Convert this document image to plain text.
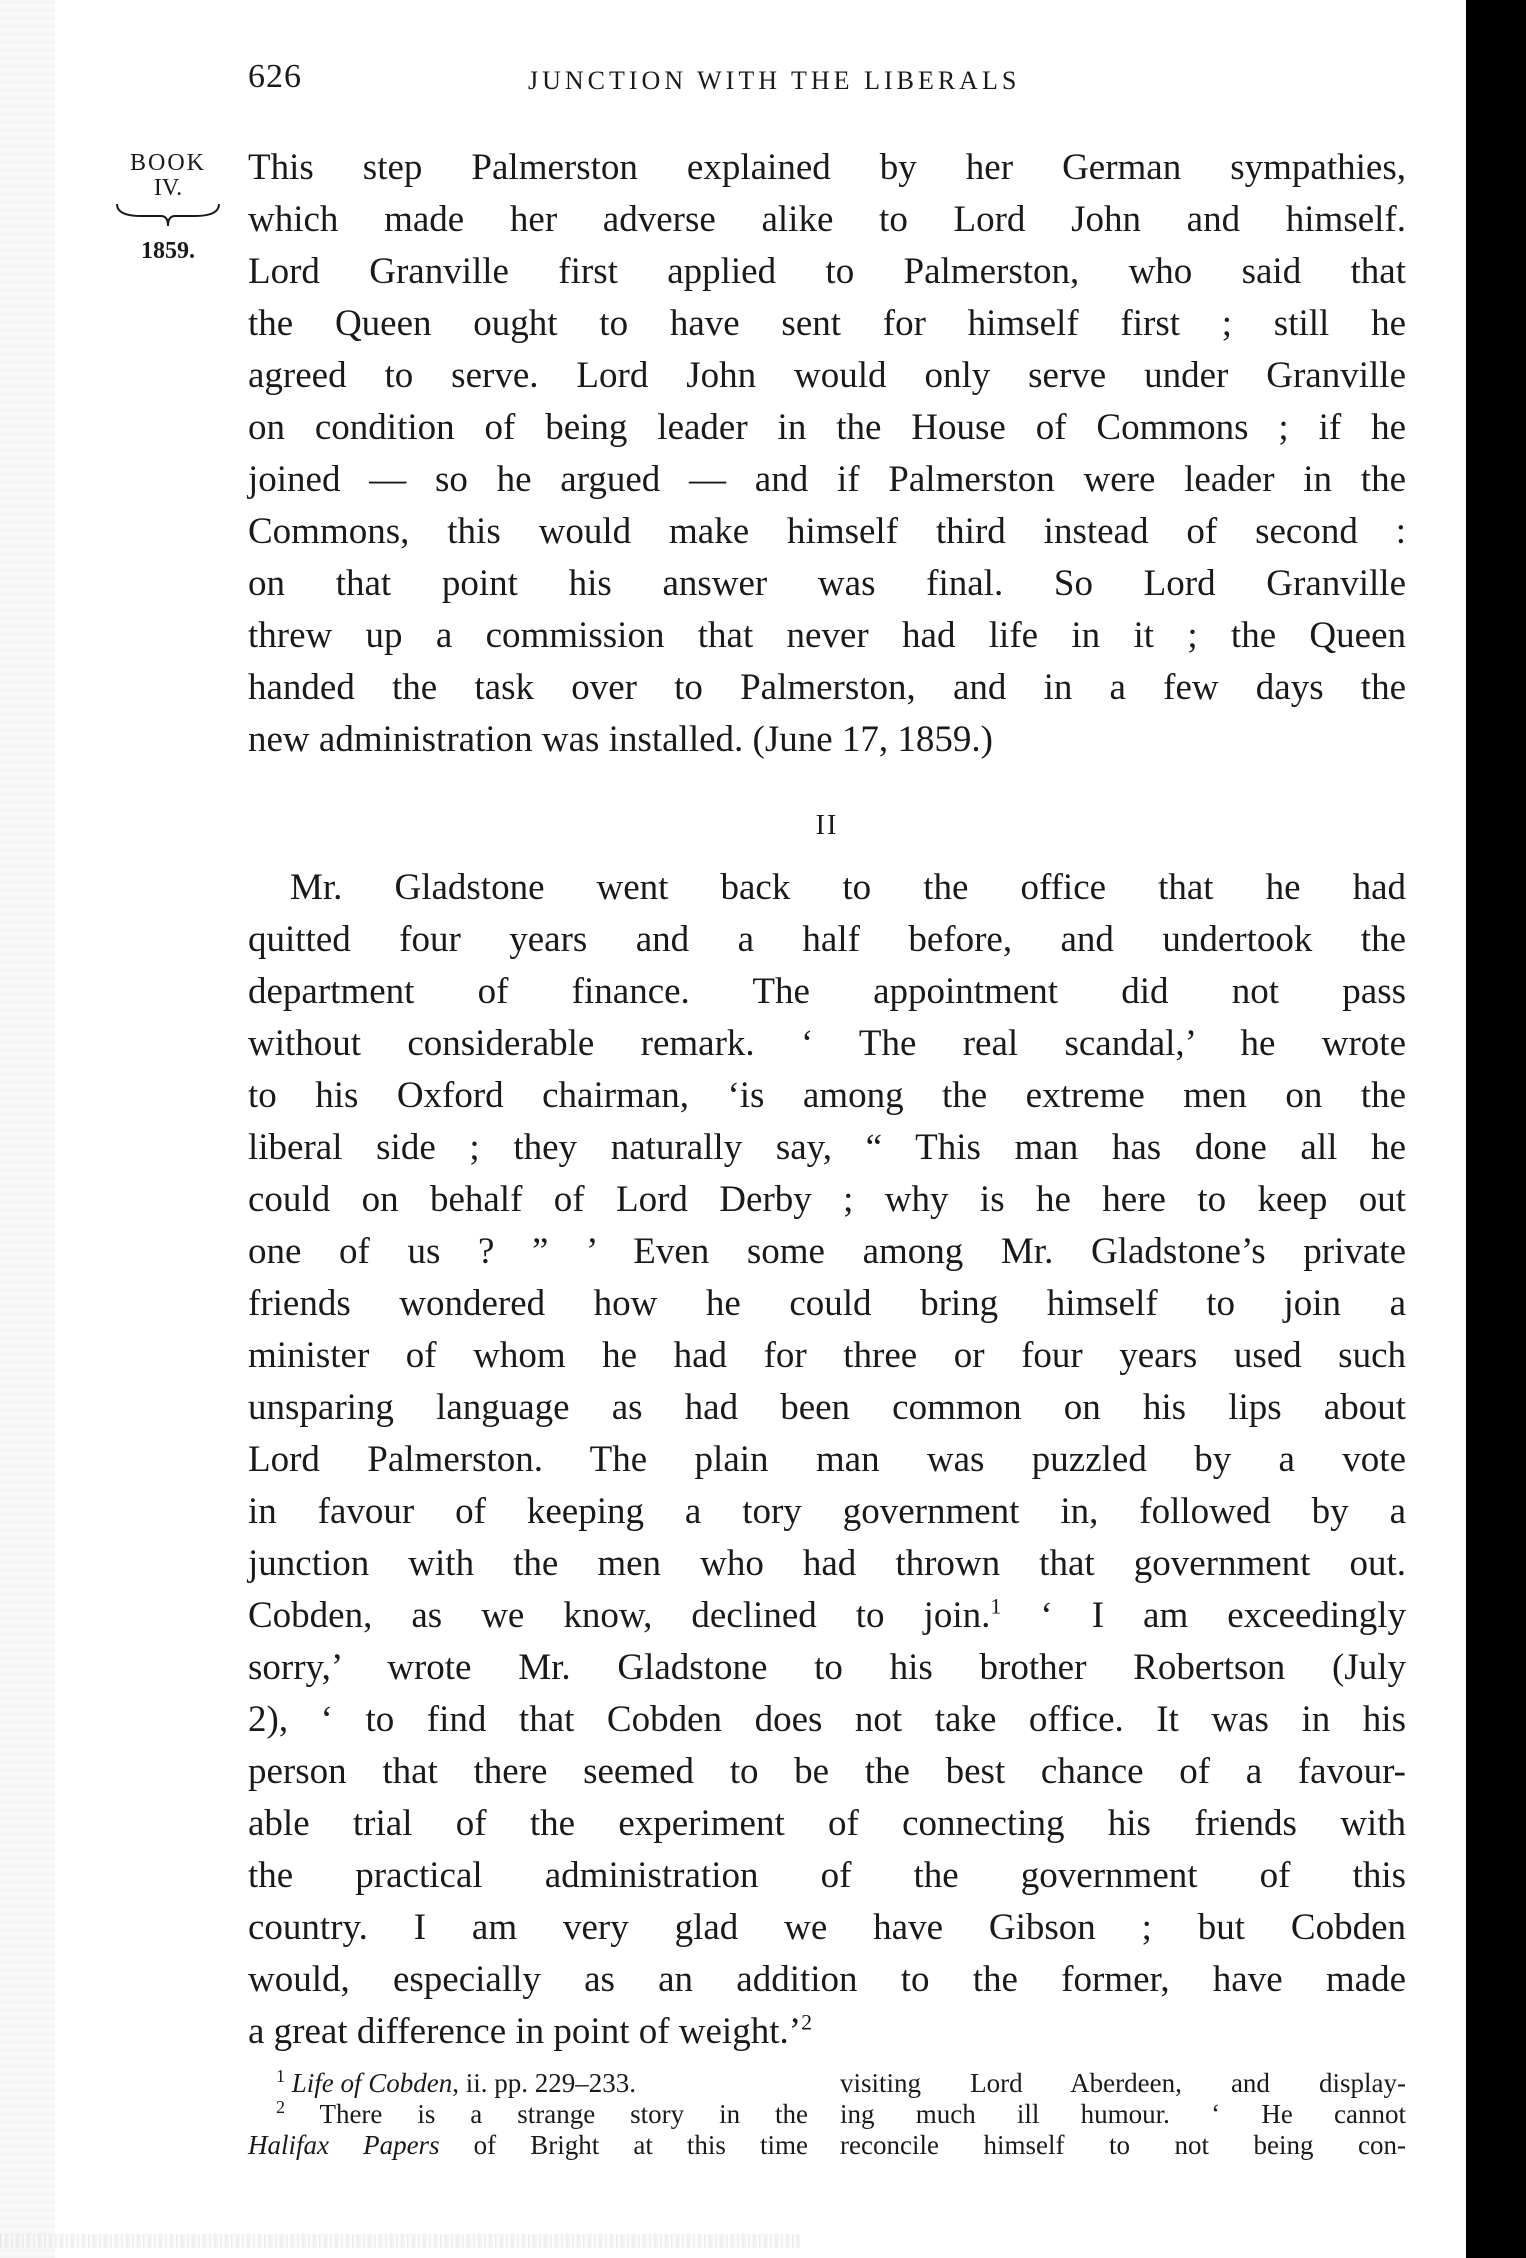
626	JUNCTION WITH THE LIBERALS
BOOK
IV.
1859.
This step Palmerston explained by her German sympathies,
which made her adverse alike to Lord John and himself.
Lord Granville first applied to Palmerston, who said that
the Queen ought to have sent for himself first ; still he
agreed to serve. Lord John would only serve under Granville
on condition of being leader in the House of Commons ; if he
joined — so he argued — and if Palmerston were leader in the
Commons, this would make himself third instead of second :
on that point his answer was final. So Lord Granville
threw up a commission that never had life in it ; the Queen
handed the task over to Palmerston, and in a few days the
new administration was installed. (June 17, 1859.)
II
Mr. Gladstone went back to the office that he had
quitted four years and a half before, and undertook the
department of finance. The appointment did not pass
without considerable remark. ‘ The real scandal,’ he wrote
to his Oxford chairman, ‘is among the extreme men on the
liberal side ; they naturally say, “ This man has done all he
could on behalf of Lord Derby ; why is he here to keep out
one of us ? ” ’ Even some among Mr. Gladstone’s private
friends wondered how he could bring himself to join a
minister of whom he had for three or four years used such
unsparing language as had been common on his lips about
Lord Palmerston. The plain man was puzzled by a vote
in favour of keeping a tory government in, followed by a
junction with the men who had thrown that government out.
Cobden, as we know, declined to join.$^1$ ‘ I am exceedingly
sorry,’ wrote Mr. Gladstone to his brother Robertson (July
2), ‘ to find that Cobden does not take office. It was in his
person that there seemed to be the best chance of a favour-
able trial of the experiment of connecting his friends with
the practical administration of the government of this
country. I am very glad we have Gibson ; but Cobden
would, especially as an addition to the former, have made
a great difference in point of weight.’$^2$
$^1$ Life of Cobden, ii. pp. 229–233.
$^2$ There is a strange story in the
Halifax Papers of Bright at this time
visiting Lord Aberdeen, and display-
ing much ill humour. ‘ He cannot
reconcile himself to not being con-
